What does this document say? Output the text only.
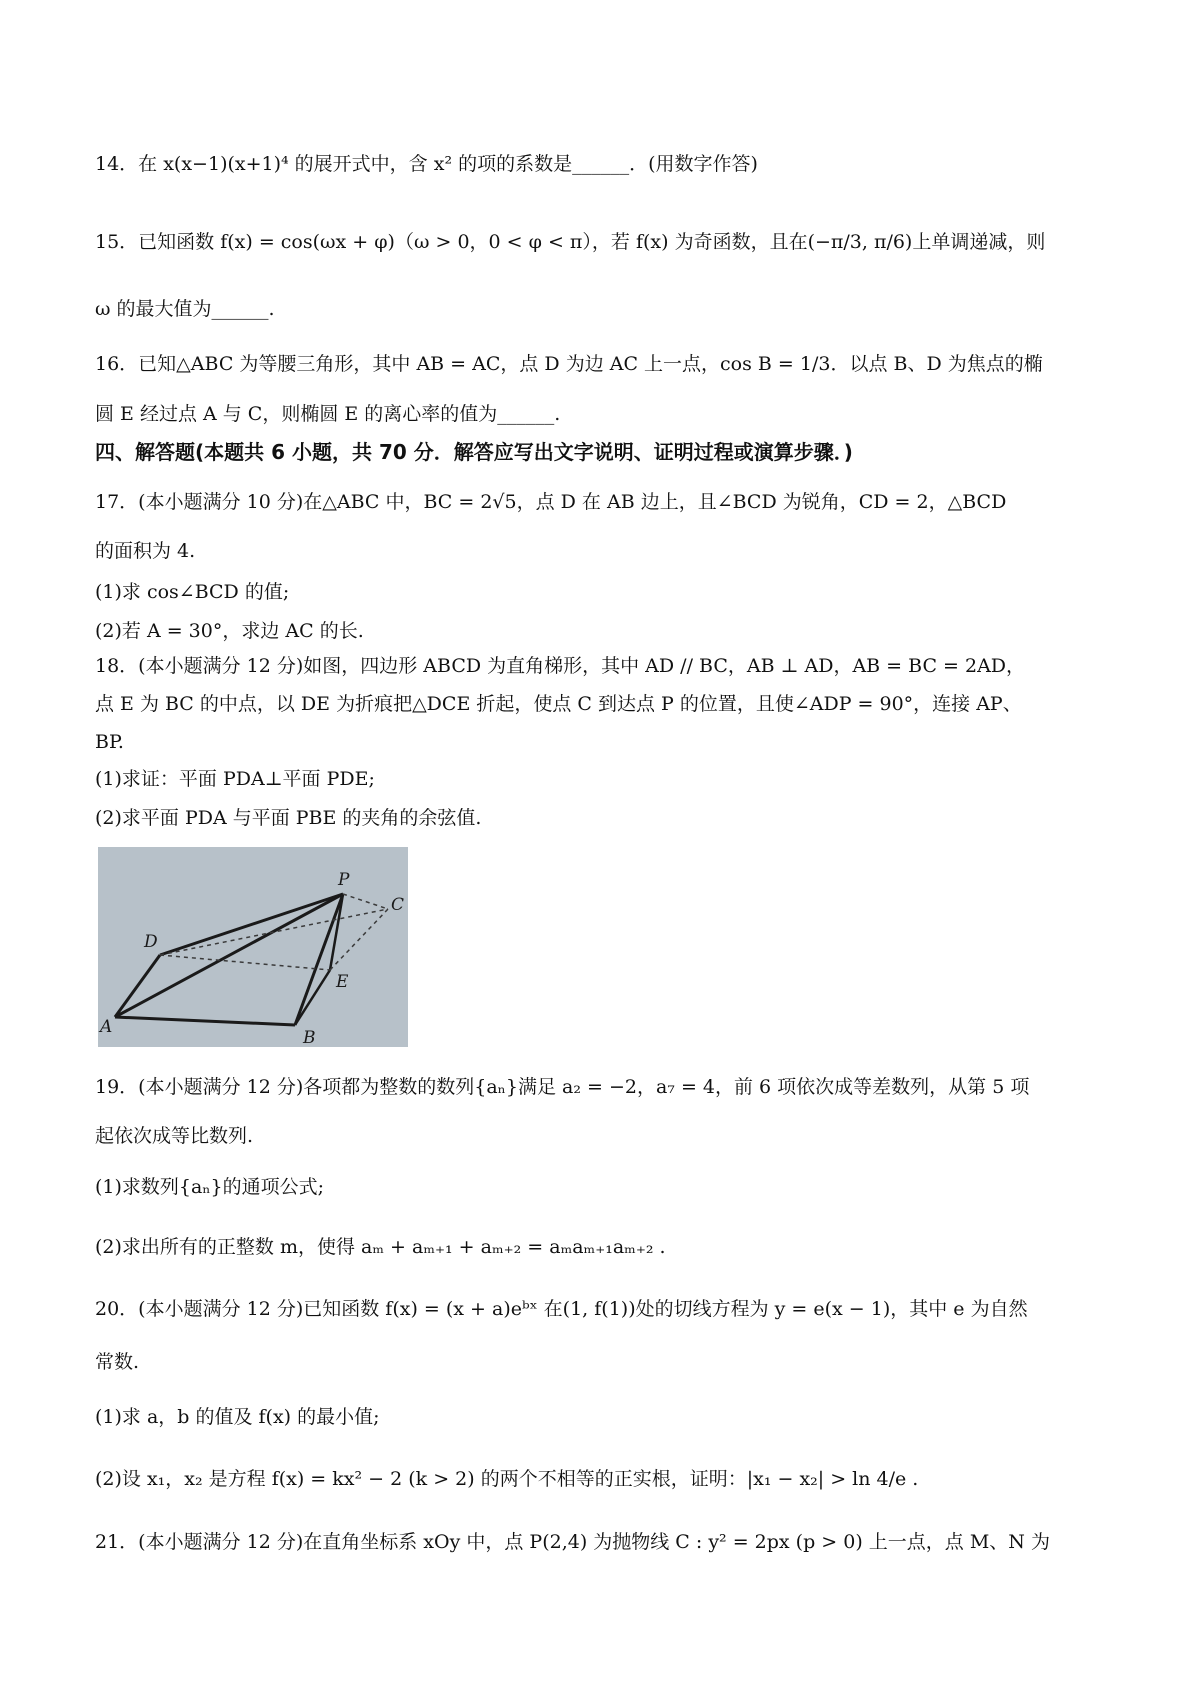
14．在 x(x−1)(x+1)⁴ 的展开式中，含 x² 的项的系数是______．(用数字作答)
15．已知函数 f(x) = cos(ωx + φ)（ω > 0，0 < φ < π），若 f(x) 为奇函数，且在(−π/3, π/6)上单调递减，则
ω 的最大值为______.
16．已知△ABC 为等腰三角形，其中 AB = AC，点 D 为边 AC 上一点，cos B = 1/3．以点 B、D 为焦点的椭
圆 E 经过点 A 与 C，则椭圆 E 的离心率的值为______.
四、解答题(本题共 6 小题，共 70 分．解答应写出文字说明、证明过程或演算步骤．)
17．(本小题满分 10 分)在△ABC 中，BC = 2√5，点 D 在 AB 边上，且∠BCD 为锐角，CD = 2，△BCD
的面积为 4.
(1)求 cos∠BCD 的值;
(2)若 A = 30°，求边 AC 的长.
18．(本小题满分 12 分)如图，四边形 ABCD 为直角梯形，其中 AD // BC，AB ⊥ AD，AB = BC = 2AD，
点 E 为 BC 的中点，以 DE 为折痕把△DCE 折起，使点 C 到达点 P 的位置，且使∠ADP = 90°，连接 AP、
BP.
(1)求证：平面 PDA⊥平面 PDE;
(2)求平面 PDA 与平面 PBE 的夹角的余弦值.
P
C
D
E
A
B
19．(本小题满分 12 分)各项都为整数的数列{aₙ}满足 a₂ = −2，a₇ = 4，前 6 项依次成等差数列，从第 5 项
起依次成等比数列.
(1)求数列{aₙ}的通项公式;
(2)求出所有的正整数 m，使得 aₘ + aₘ₊₁ + aₘ₊₂ = aₘaₘ₊₁aₘ₊₂ .
20．(本小题满分 12 分)已知函数 f(x) = (x + a)eᵇˣ 在(1, f(1))处的切线方程为 y = e(x − 1)，其中 e 为自然
常数.
(1)求 a，b 的值及 f(x) 的最小值;
(2)设 x₁，x₂ 是方程 f(x) = kx² − 2 (k > 2) 的两个不相等的正实根，证明：|x₁ − x₂| > ln 4/e .
21．(本小题满分 12 分)在直角坐标系 xOy 中，点 P(2,4) 为抛物线 C : y² = 2px (p > 0) 上一点，点 M、N 为
